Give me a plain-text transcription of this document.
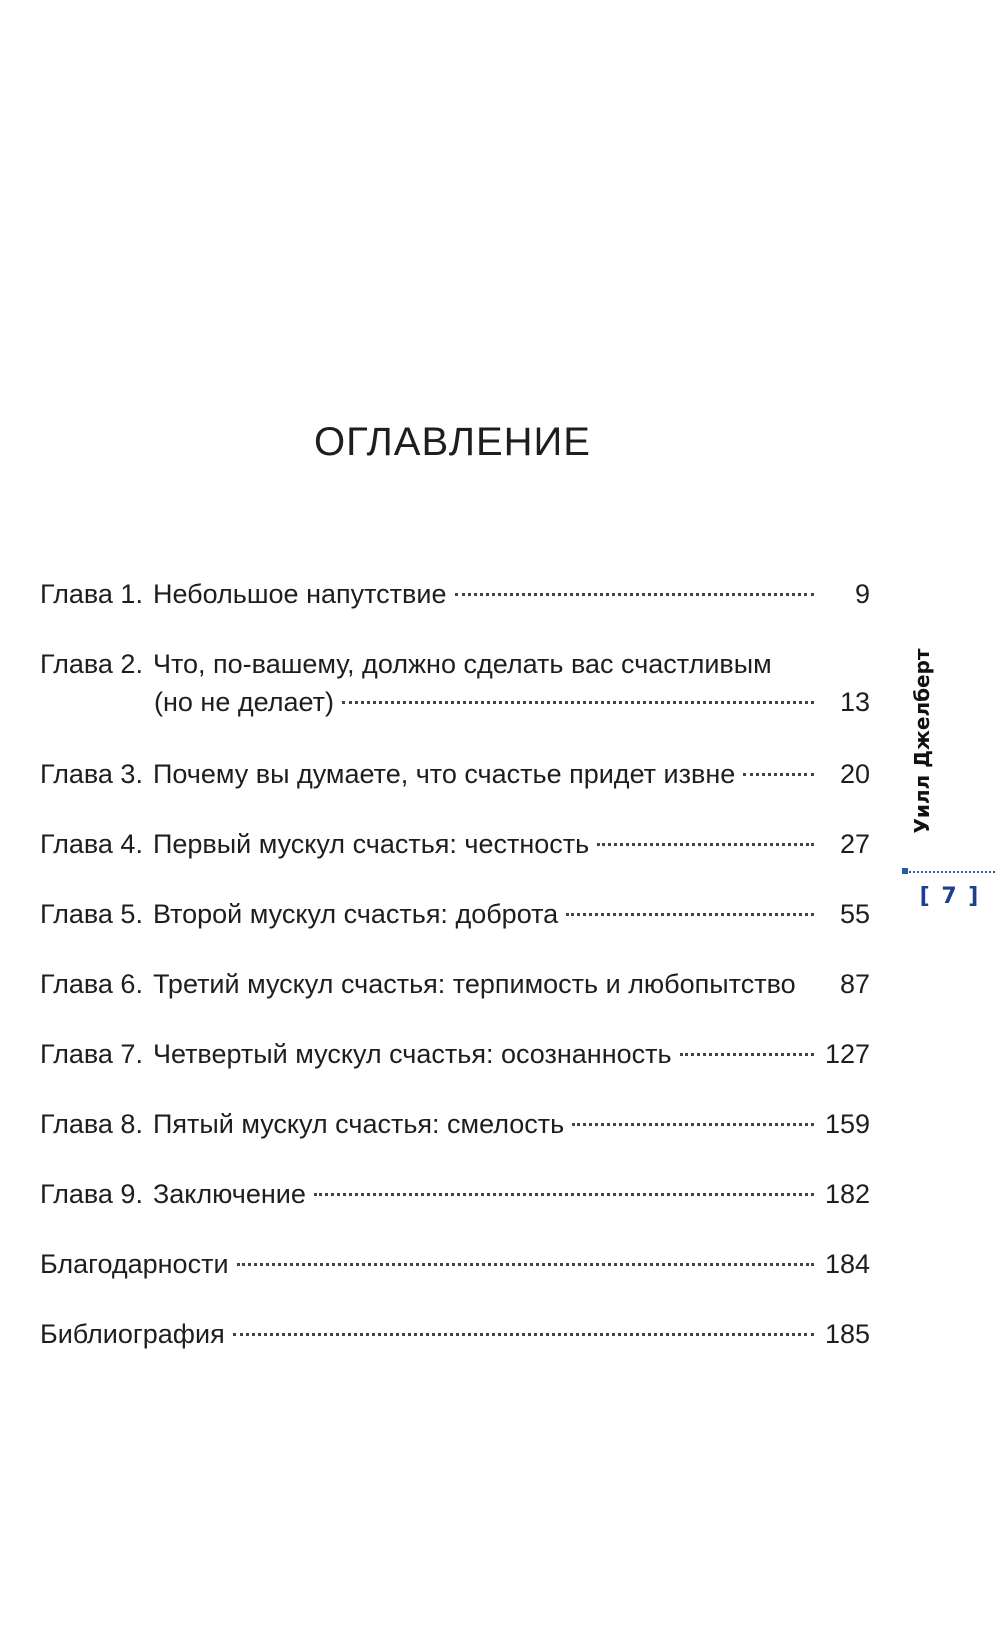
ОГЛАВЛЕНИЕ
Глава 1. Небольшое напутствие	9
Глава 2. Что, по-вашему, должно сделать вас счастливым
(но не делает)	13
Глава 3. Почему вы думаете, что счастье придет извне	20
Глава 4. Первый мускул счастья: честность	27
Глава 5. Второй мускул счастья: доброта	55
Глава 6. Третий мускул счастья: терпимость и любопытство	87
Глава 7. Четвертый мускул счастья: осознанность	127
Глава 8. Пятый мускул счастья: смелость	159
Глава 9. Заключение	182
Благодарности	184
Библиография	185
Уилл Джелберт
[ 7 ]
